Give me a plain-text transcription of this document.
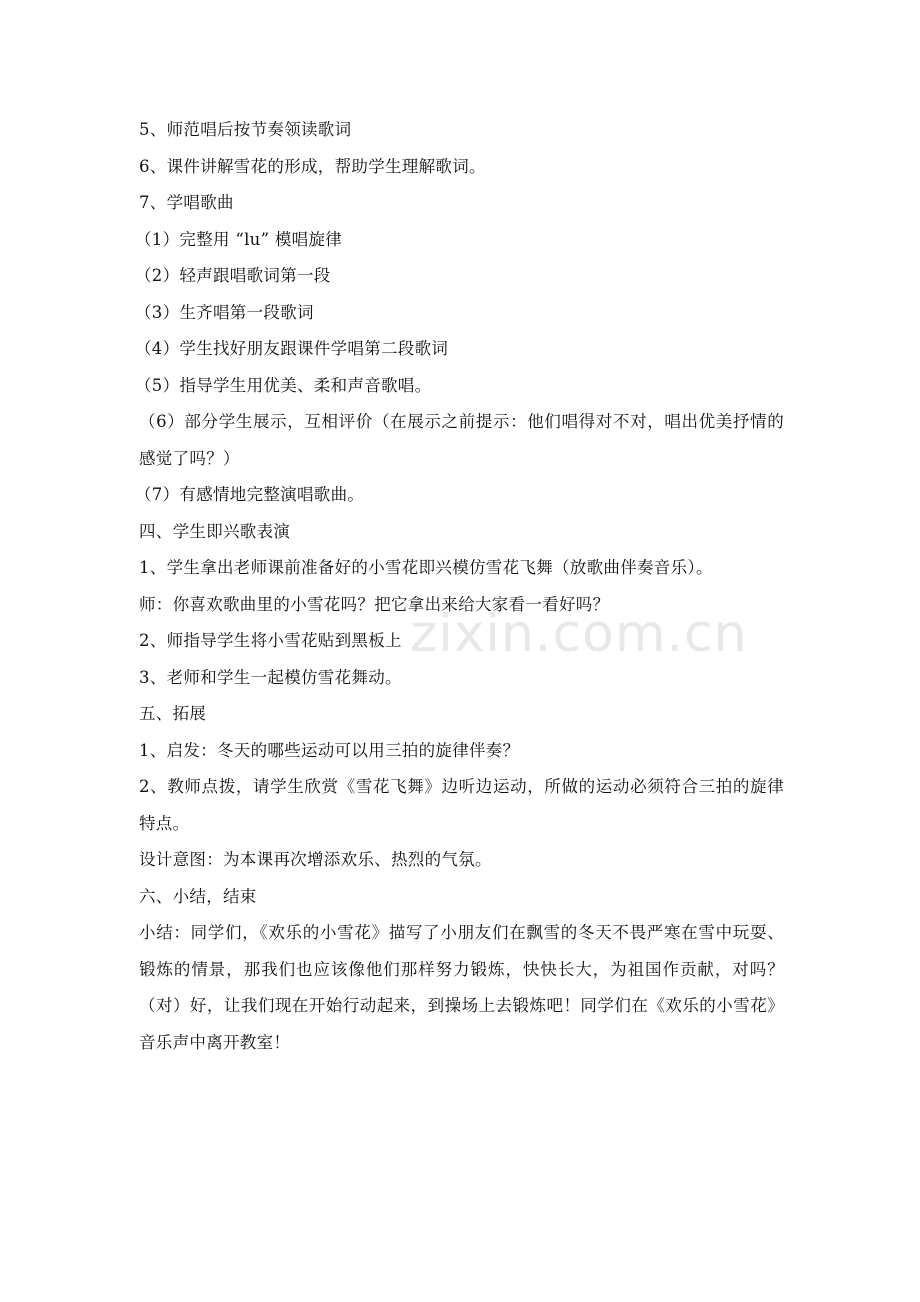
5、师范唱后按节奏领读歌词
6、课件讲解雪花的形成，帮助学生理解歌词。
7、学唱歌曲
（1）完整用 “lu” 模唱旋律
（2）轻声跟唱歌词第一段
（3）生齐唱第一段歌词
（4）学生找好朋友跟课件学唱第二段歌词
（5）指导学生用优美、柔和声音歌唱。
（6）部分学生展示，互相评价（在展示之前提示：他们唱得对不对，唱出优美抒情的感觉了吗？）
（7）有感情地完整演唱歌曲。
四、学生即兴歌表演
1、学生拿出老师课前准备好的小雪花即兴模仿雪花飞舞（放歌曲伴奏音乐）。
师：你喜欢歌曲里的小雪花吗？把它拿出来给大家看一看好吗？
2、师指导学生将小雪花贴到黑板上
3、老师和学生一起模仿雪花舞动。
五、拓展
1、启发：冬天的哪些运动可以用三拍的旋律伴奏？
2、教师点拨，请学生欣赏《雪花飞舞》边听边运动，所做的运动必须符合三拍的旋律特点。
设计意图：为本课再次增添欢乐、热烈的气氛。
六、小结，结束
小结：同学们，《欢乐的小雪花》描写了小朋友们在飘雪的冬天不畏严寒在雪中玩耍、锻炼的情景，那我们也应该像他们那样努力锻炼，快快长大，为祖国作贡献，对吗？（对）好，让我们现在开始行动起来，到操场上去锻炼吧！同学们在《欢乐的小雪花》音乐声中离开教室！
zixin.com.cn
